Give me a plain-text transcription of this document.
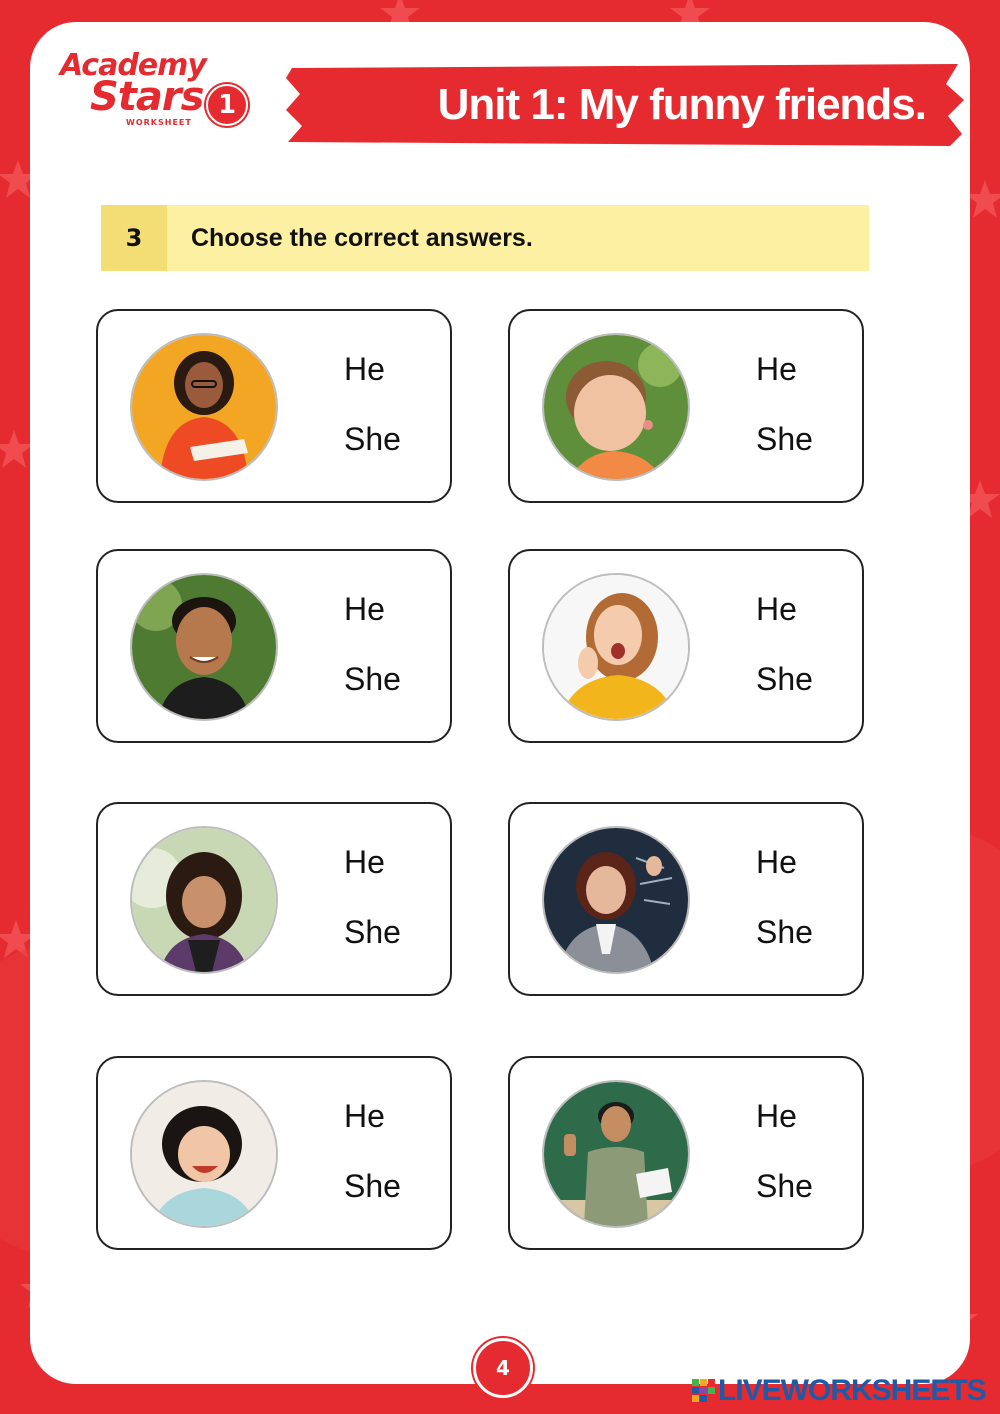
Academy
Stars 1
WORKSHEET	Unit 1: My funny friends.
3	Choose the correct answers.
He
She
He
She
He
She
He
She
He
She
He
She
He
She
He
She
4
LIVEWORKSHEETS
